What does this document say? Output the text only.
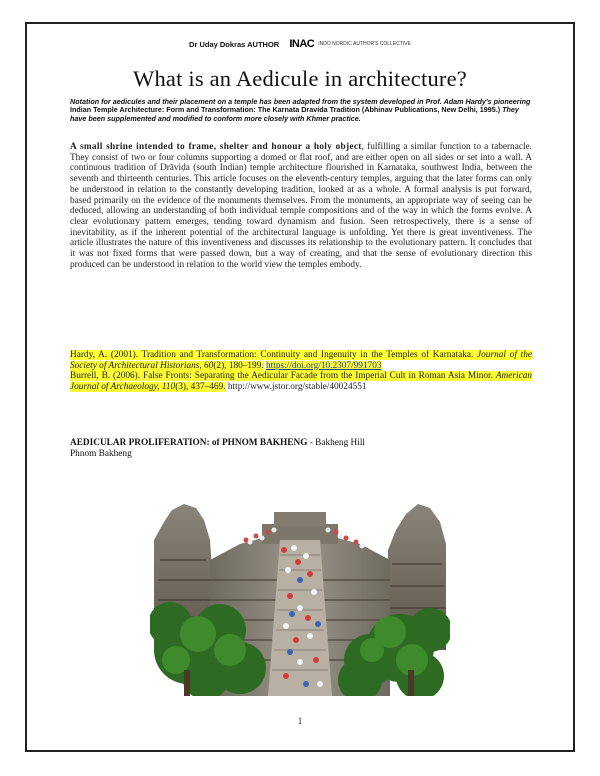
Dr Uday Dokras AUTHOR INAC INDO NORDIC AUTHOR'S COLLECTIVE
What is an Aedicule in architecture?
Notation for aedicules and their placement on a temple has been adapted from the system developed in Prof. Adam Hardy's pioneering Indian Temple Architecture: Form and Transformation: The Karnata Dravida Tradition (Abhinav Publications, New Delhi, 1995.) They have been supplemented and modified to conform more closely with Khmer practice.
A small shrine intended to frame, shelter and honour a holy object, fulfilling a similar function to a tabernacle. They consist of two or four columns supporting a domed or flat roof, and are either open on all sides or set into a wall. A continuous tradition of Drāviḍa (south Indian) temple architecture flourished in Karnataka, southwest India, between the seventh and thirteenth centuries. This article focuses on the eleventh-century temples, arguing that the later forms can only be understood in relation to the constantly developing tradition, looked at as a whole. A formal analysis is put forward, based primarily on the evidence of the monuments themselves. From the monuments, an appropriate way of seeing can be deduced, allowing an understanding of both individual temple compositions and of the way in which the forms evolve. A clear evolutionary pattern emerges, tending toward dynamism and fusion. Seen retrospectively, there is a sense of inevitability, as if the inherent potential of the architectural language is unfolding. Yet there is great inventiveness. The article illustrates the nature of this inventiveness and discusses its relationship to the evolutionary pattern. It concludes that it was not fixed forms that were passed down, but a way of creating, and that the sense of evolutionary direction this produced can be understood in relation to the world view the temples embody.
Hardy, A. (2001). Tradition and Transformation: Continuity and Ingenuity in the Temples of Karnataka. Journal of the Society of Architectural Historians, 60(2), 180–199. https://doi.org/10.2307/991703
Burrell, B. (2006). False Fronts: Separating the Aedicular Facade from the Imperial Cult in Roman Asia Minor. American Journal of Archaeology, 110(3), 437–469. http://www.jstor.org/stable/40024551
AEDICULAR PROLIFERATION: of PHNOM BAKHENG - Bakheng Hill
Phnom Bakheng
1
